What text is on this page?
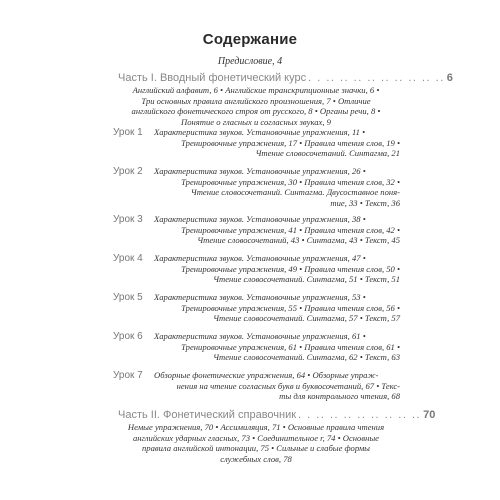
Содержание
Предисловие, 4
Часть I. Вводный фонетический курс . . .. .. .. .. .. .. .. .. .. 6
Английский алфавит, 6 • Английские транскрипционные значки, 6 •
Три основных правила английского произношения, 7 • Отличие
английского фонетического строя от русского, 8 • Органы речи, 8 •
Понятие о гласных и согласных звуках, 9
Урок 1 Характеристика звуков. Установочные упражнения, 11 •
Тренировочные упражнения, 17 • Правила чтения слов, 19 •
Чтение словосочетаний. Синтагма, 21
Урок 2 Характеристика звуков. Установочные упражнения, 26 •
Тренировочные упражнения, 30 • Правила чтения слов, 32 •
Чтение словосочетаний. Синтагма. Двусоставное поня-
тие, 33 • Текст, 36
Урок 3 Характеристика звуков. Установочные упражнения, 38 •
Тренировочные упражнения, 41 • Правила чтения слов, 42 •
Чтение словосочетаний, 43 • Синтагма, 43 • Текст, 45
Урок 4 Характеристика звуков. Установочные упражнения, 47 •
Тренировочные упражнения, 49 • Правила чтения слов, 50 •
Чтение словосочетаний. Синтагма, 51 • Текст, 51
Урок 5 Характеристика звуков. Установочные упражнения, 53 •
Тренировочные упражнения, 55 • Правила чтения слов, 56 •
Чтение словосочетаний. Синтагма, 57 • Текст, 57
Урок 6 Характеристика звуков. Установочные упражнения, 61 •
Тренировочные упражнения, 61 • Правила чтения слов, 61 •
Чтение словосочетаний. Синтагма, 62 • Текст, 63
Урок 7 Обзорные фонетические упражнения, 64 • Обзорные упраж-
нения на чтение согласных букв и буквосочетаний, 67 • Текс-
ты для контрольного чтения, 68
Часть II. Фонетический справочник . . .. .. .. .. .. .. .. .. 70
Немые упражнения, 70 • Ассимиляция, 71 • Основные правила чтения
английских ударных гласных, 73 • Соединительное r, 74 • Основные
правила английской интонации, 75 • Сильные и слабые формы
служебных слов, 78
